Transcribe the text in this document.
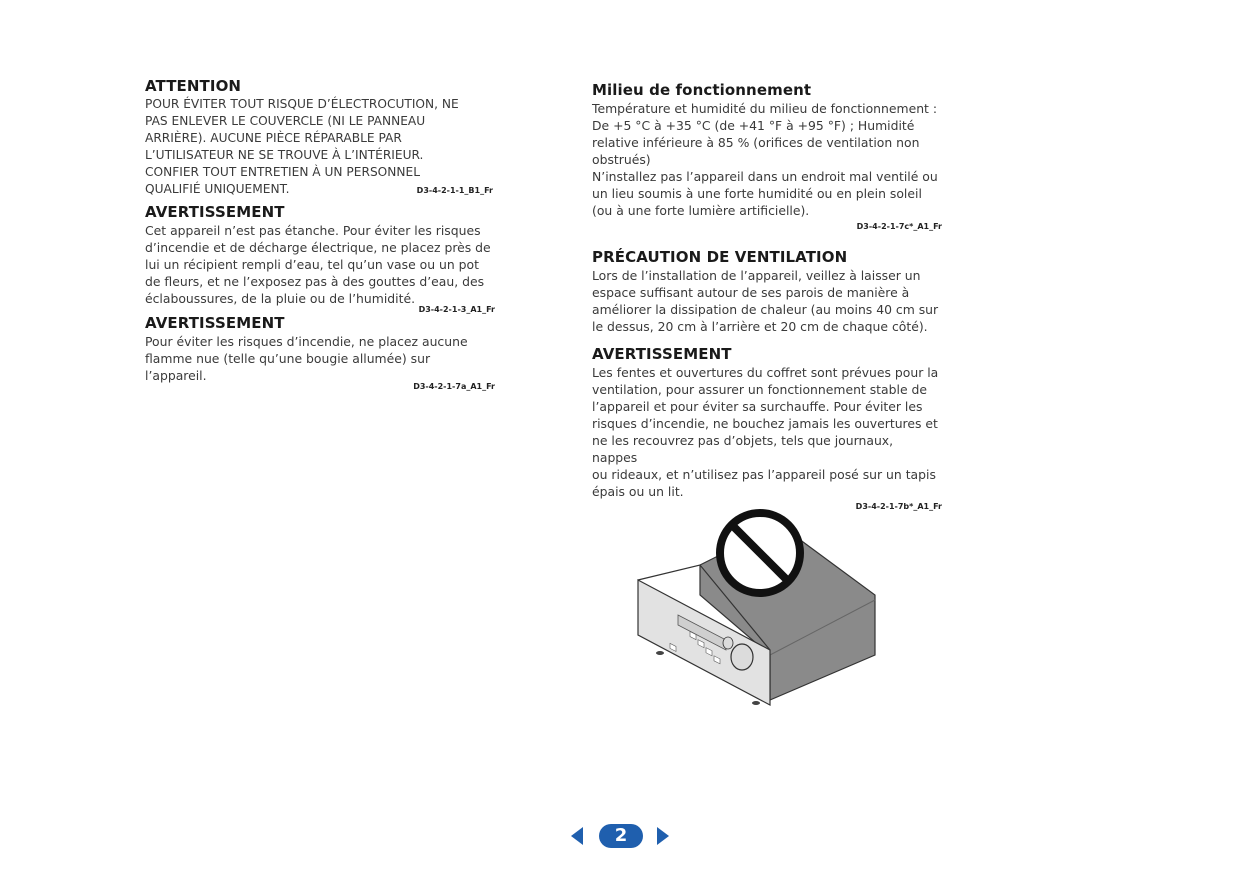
ATTENTION

POUR ÉVITER TOUT RISQUE D’ÉLECTROCUTION, NE
PAS ENLEVER LE COUVERCLE (NI LE PANNEAU
ARRIÈRE). AUCUNE PIÈCE RÉPARABLE PAR
L’UTILISATEUR NE SE TROUVE À L’INTÉRIEUR.
CONFIER TOUT ENTRETIEN À UN PERSONNEL
QUALIFIÉ UNIQUEMENT.	D3-4-2-1-1_B1_Fr

AVERTISSEMENT

Cet appareil n’est pas étanche. Pour éviter les risques
d’incendie et de décharge électrique, ne placez près de
lui un récipient rempli d’eau, tel qu’un vase ou un pot
de fleurs, et ne l’exposez pas à des gouttes d’eau, des
éclaboussures, de la pluie ou de l’humidité.

D3-4-2-1-3_A1_Fr

AVERTISSEMENT

Pour éviter les risques d’incendie, ne placez aucune
flamme nue (telle qu’une bougie allumée) sur
l’appareil.

D3-4-2-1-7a_A1_Fr

Milieu de fonctionnement

Température et humidité du milieu de fonctionnement :
De +5 °C à +35 °C (de +41 °F à +95 °F) ; Humidité
relative inférieure à 85 % (orifices de ventilation non
obstrués)
N’installez pas l’appareil dans un endroit mal ventilé ou
un lieu soumis à une forte humidité ou en plein soleil
(ou à une forte lumière artificielle).

D3-4-2-1-7c*_A1_Fr

PRÉCAUTION DE VENTILATION

Lors de l’installation de l’appareil, veillez à laisser un
espace suffisant autour de ses parois de manière à
améliorer la dissipation de chaleur (au moins 40 cm sur
le dessus, 20 cm à l’arrière et 20 cm de chaque côté).

AVERTISSEMENT

Les fentes et ouvertures du coffret sont prévues pour la
ventilation, pour assurer un fonctionnement stable de
l’appareil et pour éviter sa surchauffe. Pour éviter les
risques d’incendie, ne bouchez jamais les ouvertures et
ne les recouvrez pas d’objets, tels que journaux, nappes
ou rideaux, et n’utilisez pas l’appareil posé sur un tapis
épais ou un lit.

D3-4-2-1-7b*_A1_Fr

2
